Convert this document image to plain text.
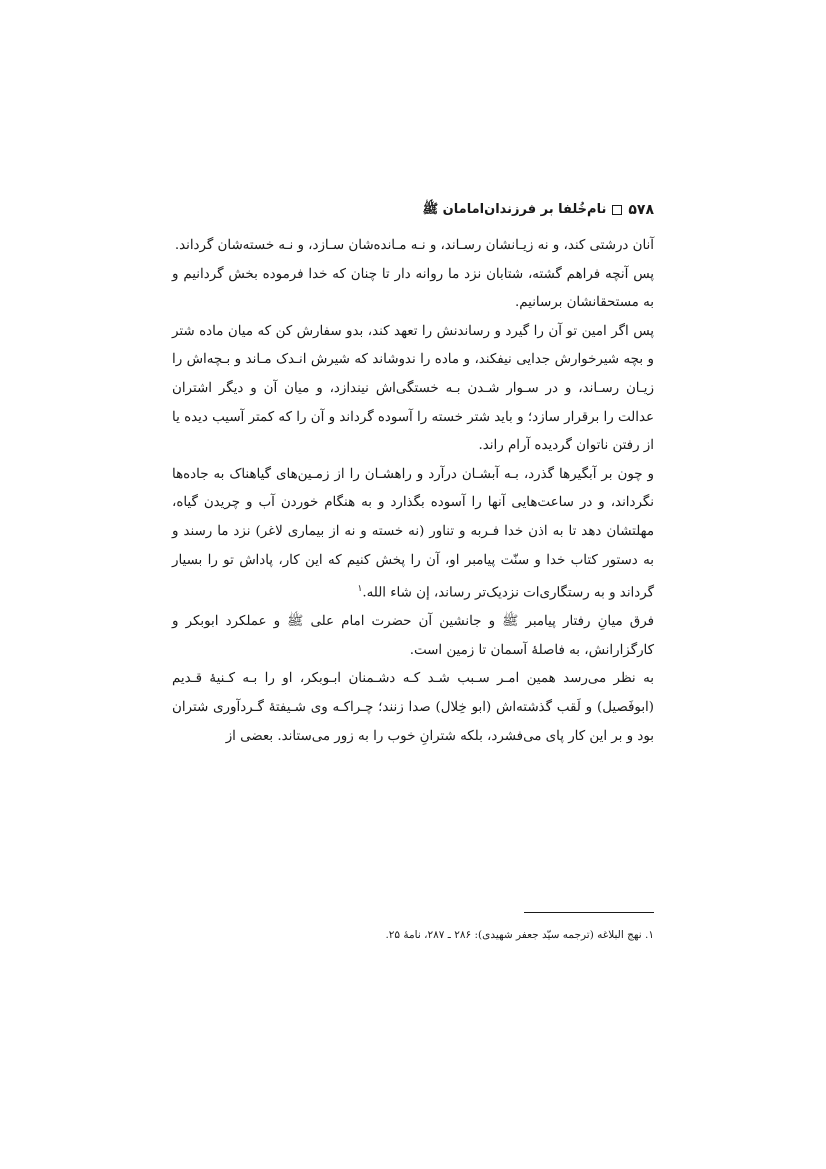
۵۷۸
نام‌خُلفا بر فرزندان‌امامان ﷺ

آنان درشتی کند، و نه زیـانشان رسـاند، و نـه مـاندەشان سـازد، و نـه خستەشان گرداند.

پس آنچه فراهم گشته، شتابان نزد ما روانه دار تا چنان که خدا فرموده بخش گردانیم و به مستحقانشان برسانیم.

پس اگر امین تو آن را گیرد و رساندنش را تعهد کند، بدو سفارش کن که میان ماده شتر و بچه شیرخوارش جدایی نیفکند، و ماده را ندوشاند که شیرش انـدک مـاند و بـچه‌اش را زیـان رسـاند، و در سـوار شـدن بـه خستگی‌اش نیندازد، و میان آن و دیگر اشتران عدالت را برقرار سازد؛ و باید شتر خسته را آسوده گرداند و آن را که کمتر آسیب دیده یا از رفتن ناتوان گردیده آرام راند.

و چون بر آبگیرها گذرد، بـه آبشـان درآرد و راهشـان را از زمـین‌های گیاهناک به جاده‌ها نگرداند، و در ساعت‌هایی آنها را آسوده بگذارد و به هنگام خوردن آب و چریدن گیاه، مهلتشان دهد تا به اذن خدا فـربه و تناور (نه خسته و نه از بیماری لاغر) نزد ما رسند و به دستور کتاب خدا و سنّت پیامبر او، آن را پخش کنیم که این کار، پاداش تو را بسیار گرداند و به رستگاری‌ات نزدیک‌تر رساند، إن شاء الله.$^۱$

فرق میانِ رفتار پیامبر ﷺ و جانشین آن حضرت امام علی ﷺ و عملکرد ابوبکر و کارگزارانش، به فاصلهٔ آسمان تا زمین است.

به نظر می‌رسد همین امـر سـبب شـد کـه دشـمنان ابـوبکر، او را بـه کـنیهٔ قـدیم (ابوفَصیل) و لَقب گذشته‌اش (ابو خِلال) صدا زنند؛ چـراکـه وی شـیفتهٔ گـردآوری شتران بود و بر این کار پای می‌فشرد، بلکه شترانِ خوب را به زور می‌ستاند. بعضی از

۱. نهج البلاغه (ترجمه سیّد جعفر شهیدی): ۲۸۶ ـ ۲۸۷، نامهٔ ۲۵.
